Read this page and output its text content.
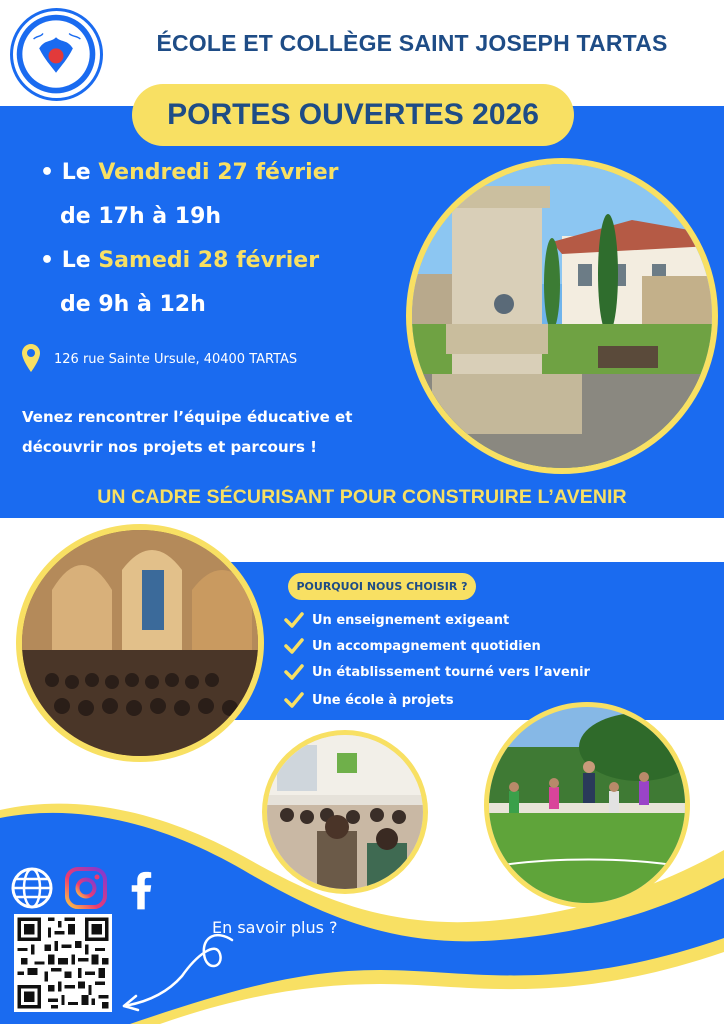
ÉCOLE ET COLLÈGE SAINT JOSEPH TARTAS
PORTES OUVERTES 2026
• Le Vendredi 27 février
de 17h à 19h
• Le Samedi 28 février
de 9h à 12h
126 rue Sainte Ursule, 40400 TARTAS
Venez rencontrer l’équipe éducative et
découvrir nos projets et parcours !
UN CADRE SÉCURISANT POUR CONSTRUIRE L’AVENIR
POURQUOI NOUS CHOISIR ?
Un enseignement exigeant
Un accompagnement quotidien
Un établissement tourné vers l’avenir
Une école à projets
En savoir plus ?
NE PAS JETER SUR LA VOIE PUBLIQUE
PUBLIÉ PAR NOS SOINS
